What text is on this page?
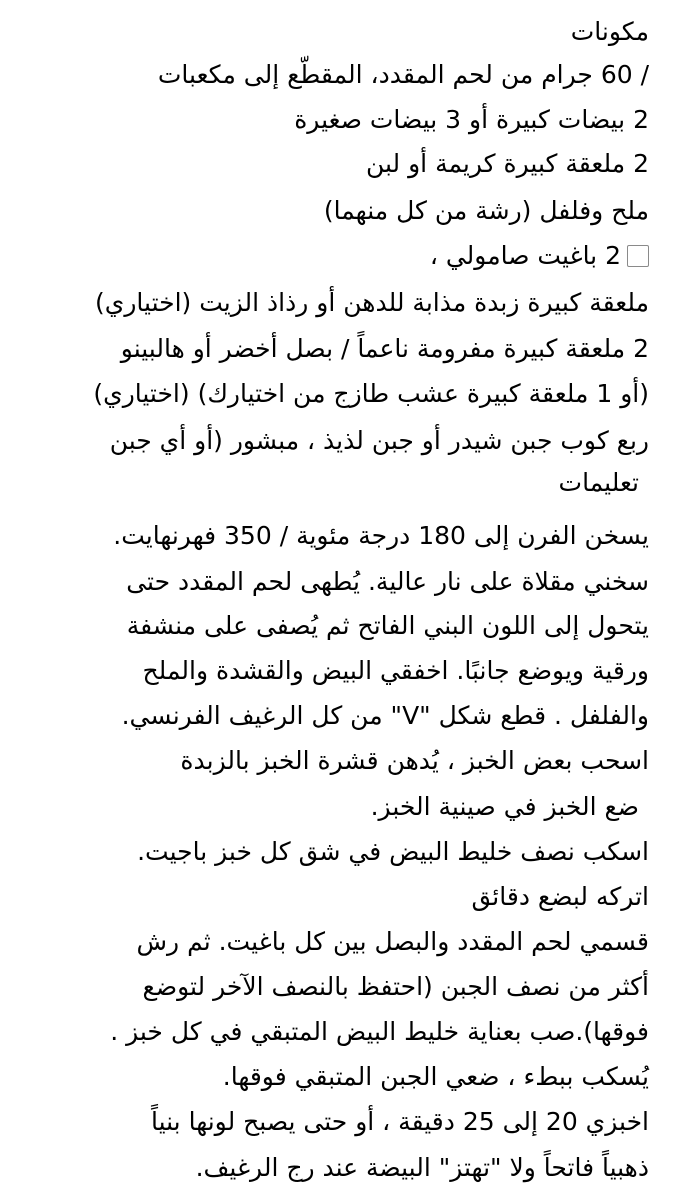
مكونات
/ 60 جرام من لحم المقدد، المقطّع إلى مكعبات
2 بيضات كبيرة أو 3 بيضات صغيرة
2 ملعقة كبيرة كريمة أو لبن
ملح وفلفل (رشة من كل منهما)
2 باغيت صامولي ،
ملعقة كبيرة زبدة مذابة للدهن أو رذاذ الزيت (اختياري)
2 ملعقة كبيرة مفرومة ناعماً / بصل أخضر أو هالبينو
(أو 1 ملعقة كبيرة عشب طازج من اختيارك) (اختياري)
ربع كوب جبن شيدر أو جبن لذيذ ، مبشور (أو أي جبن
تعليمات
يسخن الفرن إلى 180 درجة مئوية / 350 فهرنهايت.
سخني مقلاة على نار عالية. يُطهى لحم المقدد حتى
يتحول إلى اللون البني الفاتح ثم يُصفى على منشفة
ورقية ويوضع جانبًا. اخفقي البيض والقشدة والملح
والفلفل . قطع شكل "V" من كل الرغيف الفرنسي.
اسحب بعض الخبز ، يُدهن قشرة الخبز بالزبدة
ضع الخبز في صينية الخبز.
اسكب نصف خليط البيض في شق كل خبز باجيت.
اتركه لبضع دقائق
قسمي لحم المقدد والبصل بين كل باغيت. ثم رش
أكثر من نصف الجبن (احتفظ بالنصف الآخر لتوضع
فوقها).صب بعناية خليط البيض المتبقي في كل خبز .
يُسكب ببطء ، ضعي الجبن المتبقي فوقها.
اخبزي 20 إلى 25 دقيقة ، أو حتى يصبح لونها بنياً
ذهبياً فاتحاً ولا "تهتز" البيضة عند رج الرغيف.
